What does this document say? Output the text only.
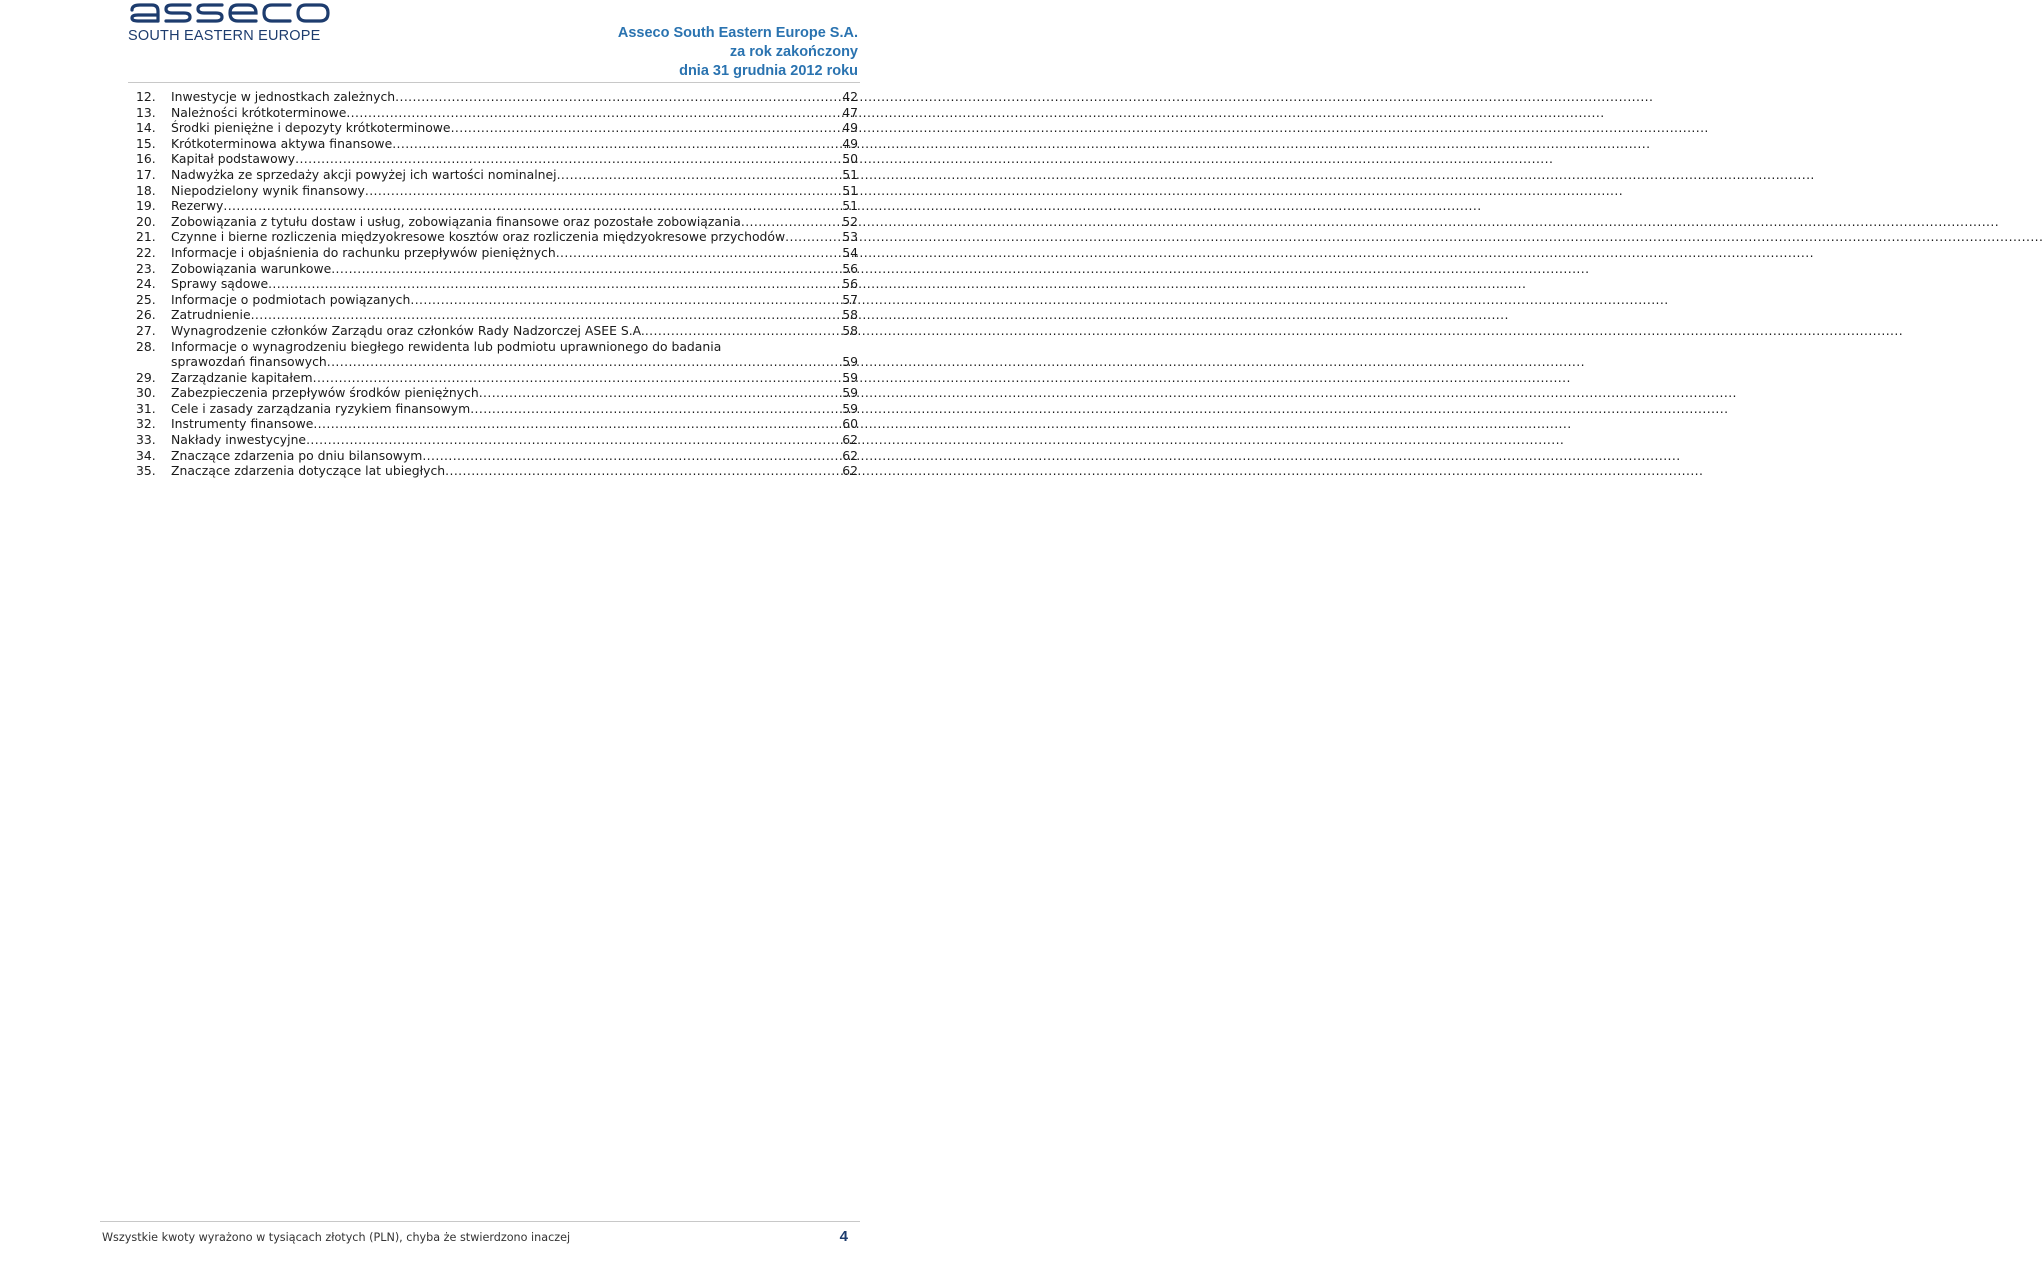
SOUTH EASTERN EUROPE	Asseco South Eastern Europe S.A.
za rok zakończony
dnia 31 grudnia 2012 roku
12.	Inwestycje w jednostkach zależnych .....	42
13.	Należności krótkoterminowe .....	47
14.	Środki pieniężne i depozyty krótkoterminowe .....	49
15.	Krótkoterminowa aktywa finansowe .....	49
16.	Kapitał podstawowy .....	50
17.	Nadwyżka ze sprzedaży akcji powyżej ich wartości nominalnej .....	51
18.	Niepodzielony wynik finansowy .....	51
19.	Rezerwy .....	51
20.	Zobowiązania z tytułu dostaw i usług, zobowiązania finansowe oraz pozostałe zobowiązania .....	52
21.	Czynne i bierne rozliczenia międzyokresowe kosztów oraz rozliczenia międzyokresowe przychodów .....	53
22.	Informacje i objaśnienia do rachunku przepływów pieniężnych .....	54
23.	Zobowiązania warunkowe .....	56
24.	Sprawy sądowe .....	56
25.	Informacje o podmiotach powiązanych .....	57
26.	Zatrudnienie .....	58
27.	Wynagrodzenie członków Zarządu oraz członków Rady Nadzorczej ASEE S.A. .....	58
28.	Informacje o wynagrodzeniu biegłego rewidenta lub podmiotu uprawnionego do badania
sprawozdań finansowych .....	59
29.	Zarządzanie kapitałem .....	59
30.	Zabezpieczenia przepływów środków pieniężnych .....	59
31.	Cele i zasady zarządzania ryzykiem finansowym .....	59
32.	Instrumenty finansowe .....	60
33.	Nakłady inwestycyjne .....	62
34.	Znaczące zdarzenia po dniu bilansowym .....	62
35.	Znaczące zdarzenia dotyczące lat ubiegłych .....	62
Wszystkie kwoty wyrażono w tysiącach złotych (PLN), chyba że stwierdzono inaczej	4
